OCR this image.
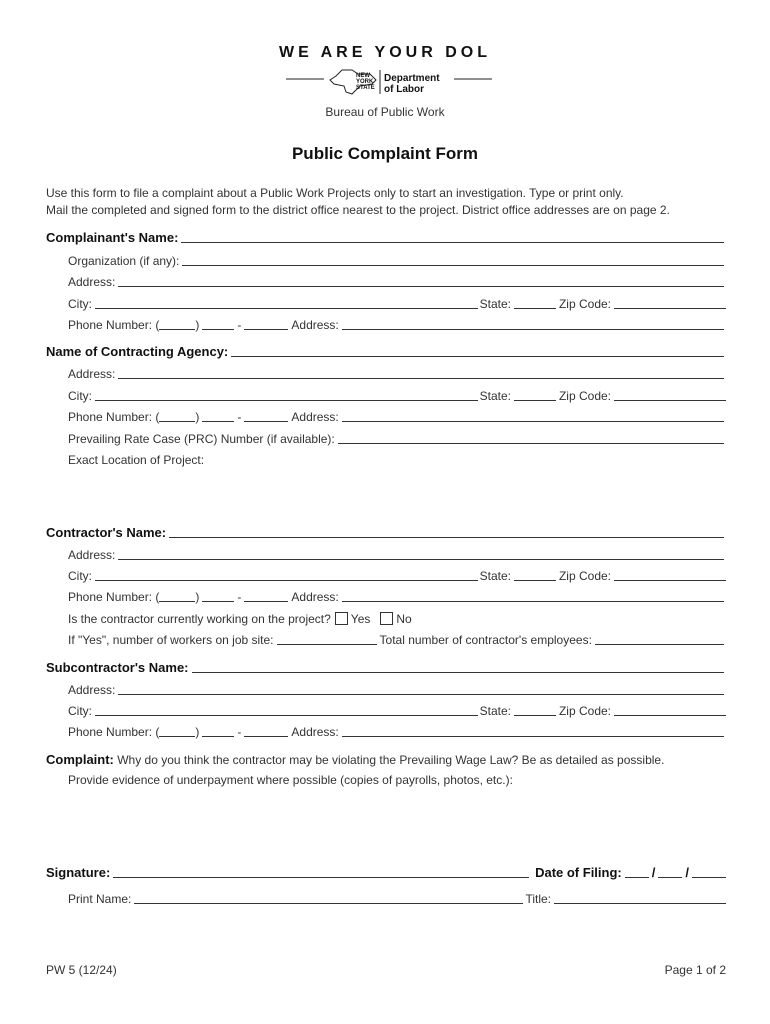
WE ARE YOUR DOL
NEW
YORK
STATE
Department
of Labor
Bureau of Public Work
Public Complaint Form
Use this form to file a complaint about a Public Work Projects only to start an investigation. Type or print only.
Mail the completed and signed form to the district office nearest to the project. District office addresses are on page 2.
Complainant's Name:
Organization (if any):
Address:
City:	State:	Zip Code:
Phone Number: (	)	-	Address:
Name of Contracting Agency:
Address:
City:	State:	Zip Code:
Phone Number: (	)	-	Address:
Prevailing Rate Case (PRC) Number (if available):
Exact Location of Project:
Contractor's Name:
Address:
City:	State:	Zip Code:
Phone Number: (	)	-	Address:
Is the contractor currently working on the project? Yes No
If "Yes", number of workers on job site:	Total number of contractor's employees:
Subcontractor's Name:
Address:
City:	State:	Zip Code:
Phone Number: (	)	-	Address:
Complaint: Why do you think the contractor may be violating the Prevailing Wage Law? Be as detailed as possible.
Provide evidence of underpayment where possible (copies of payrolls, photos, etc.):
Signature:	Date of Filing: / /
Print Name:	Title:
PW 5 (12/24)	Page 1 of 2
